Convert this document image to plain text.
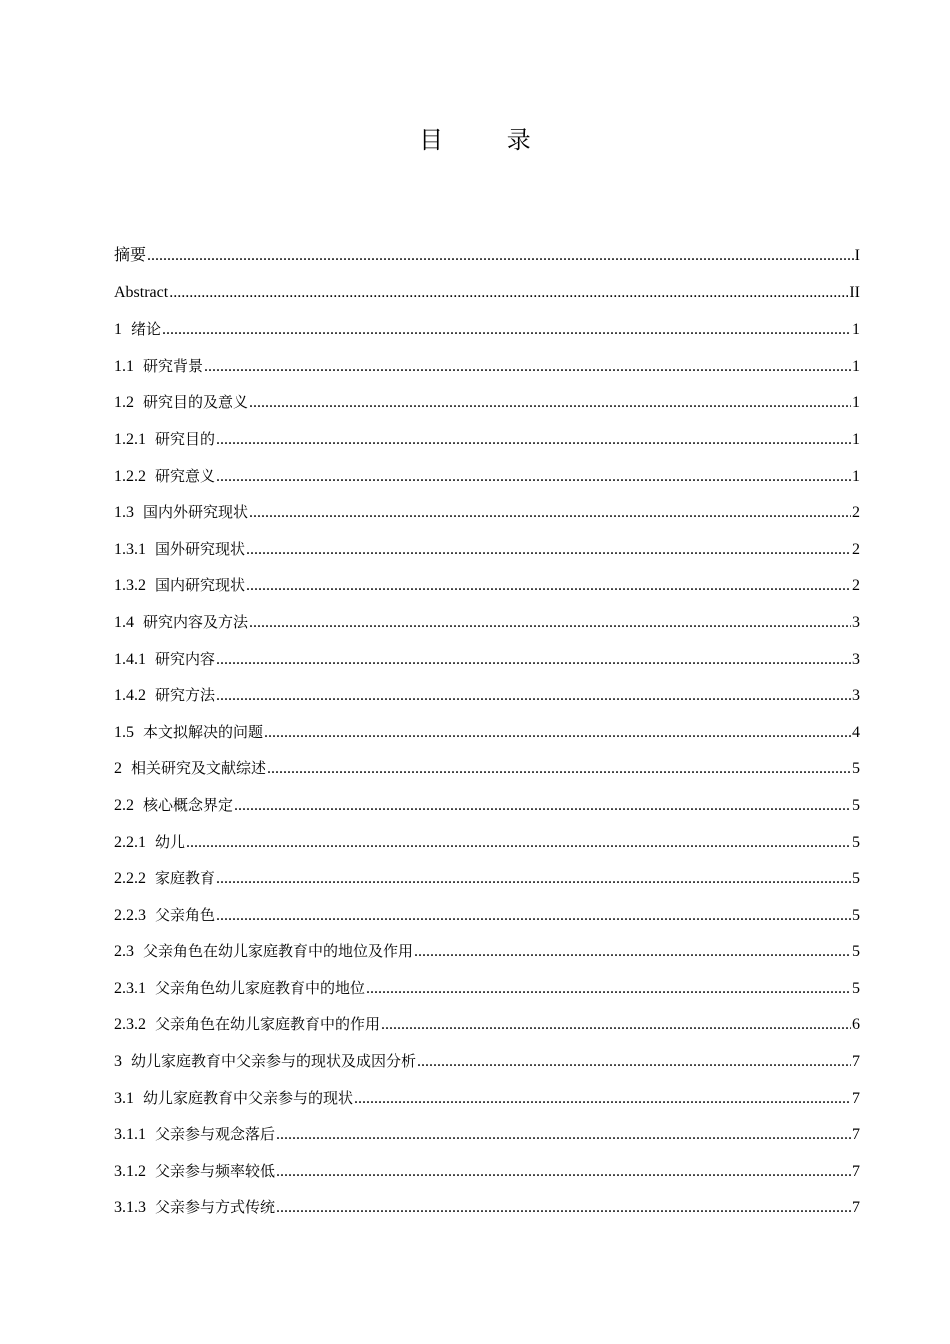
目 录
摘要 .....	I
Abstract .....	II
1 绪论 .....	1
1.1 研究背景 .....	1
1.2 研究目的及意义 .....	1
1.2.1 研究目的 .....	1
1.2.2 研究意义 .....	1
1.3 国内外研究现状 .....	2
1.3.1 国外研究现状 .....	2
1.3.2 国内研究现状 .....	2
1.4 研究内容及方法 .....	3
1.4.1 研究内容 .....	3
1.4.2 研究方法 .....	3
1.5 本文拟解决的问题 .....	4
2 相关研究及文献综述 .....	5
2.2 核心概念界定 .....	5
2.2.1 幼儿 .....	5
2.2.2 家庭教育 .....	5
2.2.3 父亲角色 .....	5
2.3 父亲角色在幼儿家庭教育中的地位及作用 .....	5
2.3.1 父亲角色幼儿家庭教育中的地位 .....	5
2.3.2 父亲角色在幼儿家庭教育中的作用 .....	6
3 幼儿家庭教育中父亲参与的现状及成因分析 .....	7
3.1 幼儿家庭教育中父亲参与的现状 .....	7
3.1.1 父亲参与观念落后 .....	7
3.1.2 父亲参与频率较低 .....	7
3.1.3 父亲参与方式传统 .....	7
